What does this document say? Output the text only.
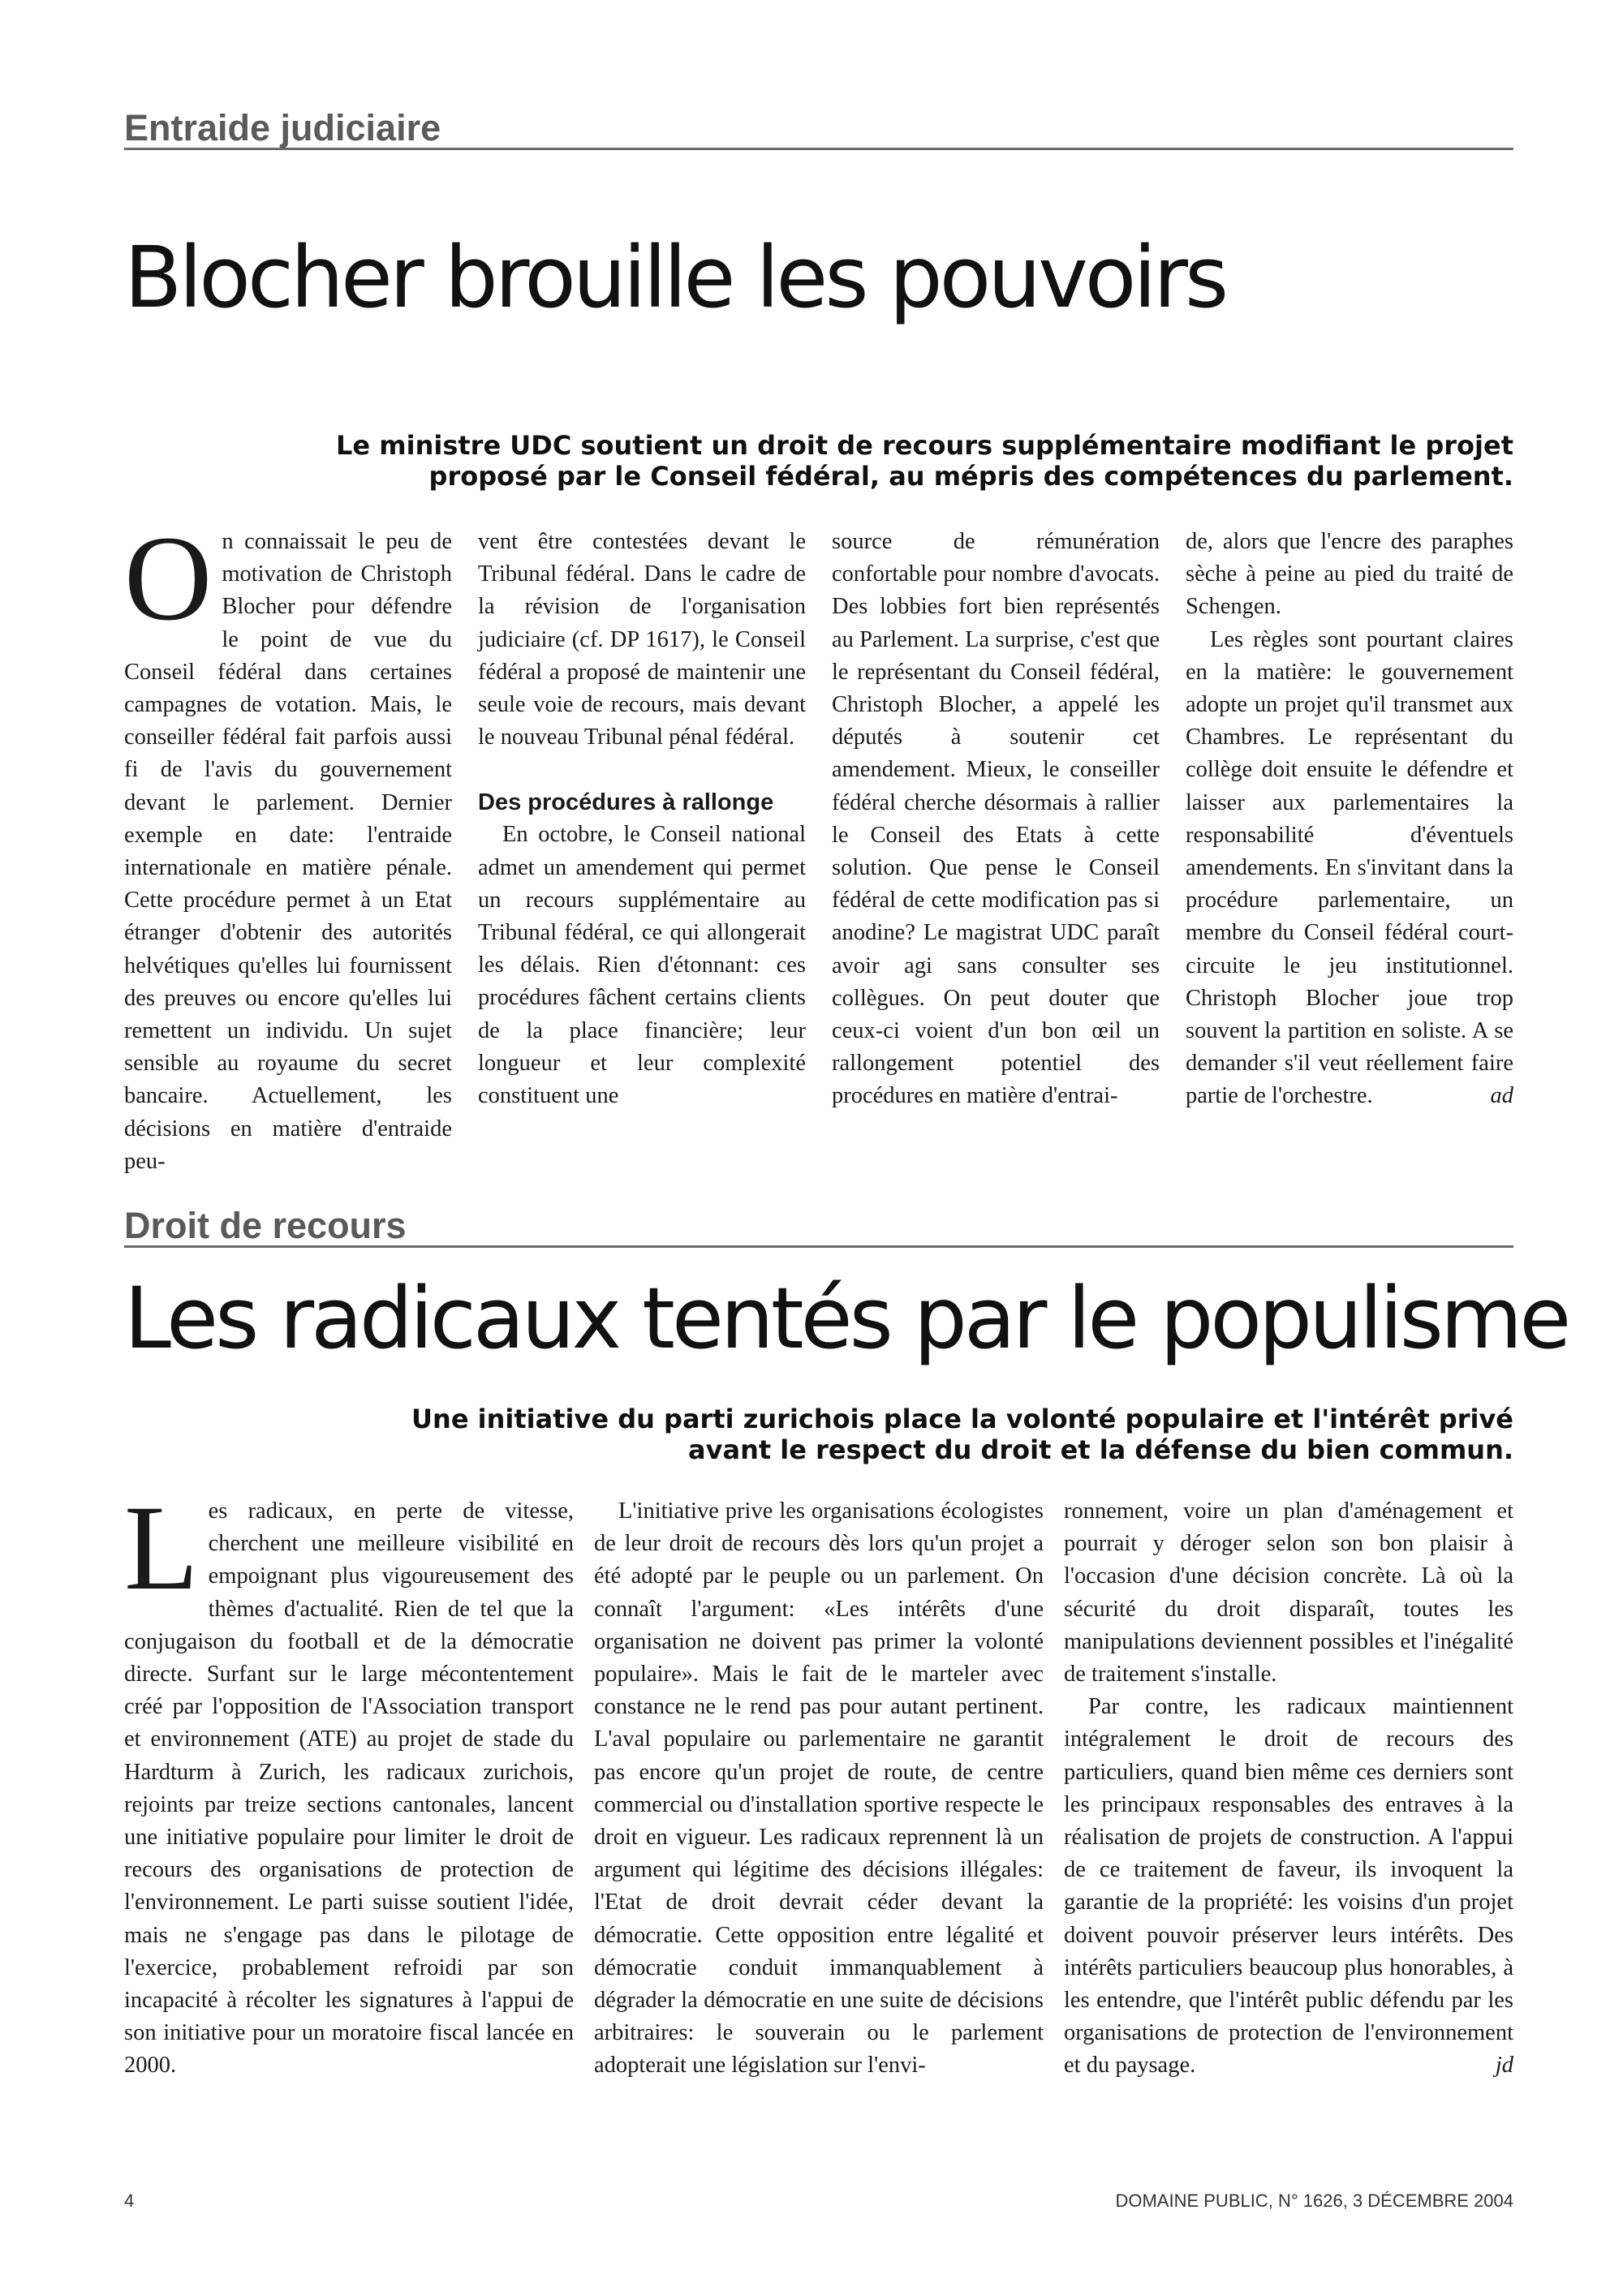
Entraide judiciaire
Blocher brouille les pouvoirs
Le ministre UDC soutient un droit de recours supplémentaire modifiant le projet
proposé par le Conseil fédéral, au mépris des compétences du parlement.

On connaissait le peu de motivation de Christoph Blocher pour défendre le point de vue du Conseil fédéral dans certaines campagnes de votation. Mais, le conseiller fédéral fait parfois aussi fi de l'avis du gouvernement devant le parlement. Dernier exemple en date: l'entraide internationale en matière pénale. Cette procédure permet à un Etat étranger d'obtenir des autorités helvétiques qu'elles lui fournissent des preuves ou encore qu'elles lui remettent un individu. Un sujet sensible au royaume du secret bancaire. Actuellement, les décisions en matière d'entraide peu-

vent être contestées devant le Tribunal fédéral. Dans le cadre de la révision de l'organisation judiciaire (cf. DP 1617), le Conseil fédéral a proposé de maintenir une seule voie de recours, mais devant le nouveau Tribunal pénal fédéral.

Des procédures à rallonge

En octobre, le Conseil national admet un amendement qui permet un recours supplémentaire au Tribunal fédéral, ce qui allongerait les délais. Rien d'étonnant: ces procédures fâchent certains clients de la place financière; leur longueur et leur complexité constituent une

source de rémunération confortable pour nombre d'avocats. Des lobbies fort bien représentés au Parlement. La surprise, c'est que le représentant du Conseil fédéral, Christoph Blocher, a appelé les députés à soutenir cet amendement. Mieux, le conseiller fédéral cherche désormais à rallier le Conseil des Etats à cette solution. Que pense le Conseil fédéral de cette modification pas si anodine? Le magistrat UDC paraît avoir agi sans consulter ses collègues. On peut douter que ceux-ci voient d'un bon œil un rallongement potentiel des procédures en matière d'entrai-

de, alors que l'encre des paraphes sèche à peine au pied du traité de Schengen.

Les règles sont pourtant claires en la matière: le gouvernement adopte un projet qu'il transmet aux Chambres. Le représentant du collège doit ensuite le défendre et laisser aux parlementaires la responsabilité d'éventuels amendements. En s'invitant dans la procédure parlementaire, un membre du Conseil fédéral court-circuite le jeu institutionnel. Christoph Blocher joue trop souvent la partition en soliste. A se demander s'il veut réellement faire partie de l'orchestre.	ad

Droit de recours
Les radicaux tentés par le populisme
Une initiative du parti zurichois place la volonté populaire et l'intérêt privé
avant le respect du droit et la défense du bien commun.

Les radicaux, en perte de vitesse, cherchent une meilleure visibilité en empoignant plus vigoureusement des thèmes d'actualité. Rien de tel que la conjugaison du football et de la démocratie directe. Surfant sur le large mécontentement créé par l'opposition de l'Association transport et environnement (ATE) au projet de stade du Hardturm à Zurich, les radicaux zurichois, rejoints par treize sections cantonales, lancent une initiative populaire pour limiter le droit de recours des organisations de protection de l'environnement. Le parti suisse soutient l'idée, mais ne s'engage pas dans le pilotage de l'exercice, probablement refroidi par son incapacité à récolter les signatures à l'appui de son initiative pour un moratoire fiscal lancée en 2000.

L'initiative prive les organisations écologistes de leur droit de recours dès lors qu'un projet a été adopté par le peuple ou un parlement. On connaît l'argument: «Les intérêts d'une organisation ne doivent pas primer la volonté populaire». Mais le fait de le marteler avec constance ne le rend pas pour autant pertinent. L'aval populaire ou parlementaire ne garantit pas encore qu'un projet de route, de centre commercial ou d'installation sportive respecte le droit en vigueur. Les radicaux reprennent là un argument qui légitime des décisions illégales: l'Etat de droit devrait céder devant la démocratie. Cette opposition entre légalité et démocratie conduit immanquablement à dégrader la démocratie en une suite de décisions arbitraires: le souverain ou le parlement adopterait une législation sur l'envi-

ronnement, voire un plan d'aménagement et pourrait y déroger selon son bon plaisir à l'occasion d'une décision concrète. Là où la sécurité du droit disparaît, toutes les manipulations deviennent possibles et l'inégalité de traitement s'installe.

Par contre, les radicaux maintiennent intégralement le droit de recours des particuliers, quand bien même ces derniers sont les principaux responsables des entraves à la réalisation de projets de construction. A l'appui de ce traitement de faveur, ils invoquent la garantie de la propriété: les voisins d'un projet doivent pouvoir préserver leurs intérêts. Des intérêts particuliers beaucoup plus honorables, à les entendre, que l'intérêt public défendu par les organisations de protection de l'environnement et du paysage.	jd

4	DOMAINE PUBLIC, N° 1626, 3 DÉCEMBRE 2004
